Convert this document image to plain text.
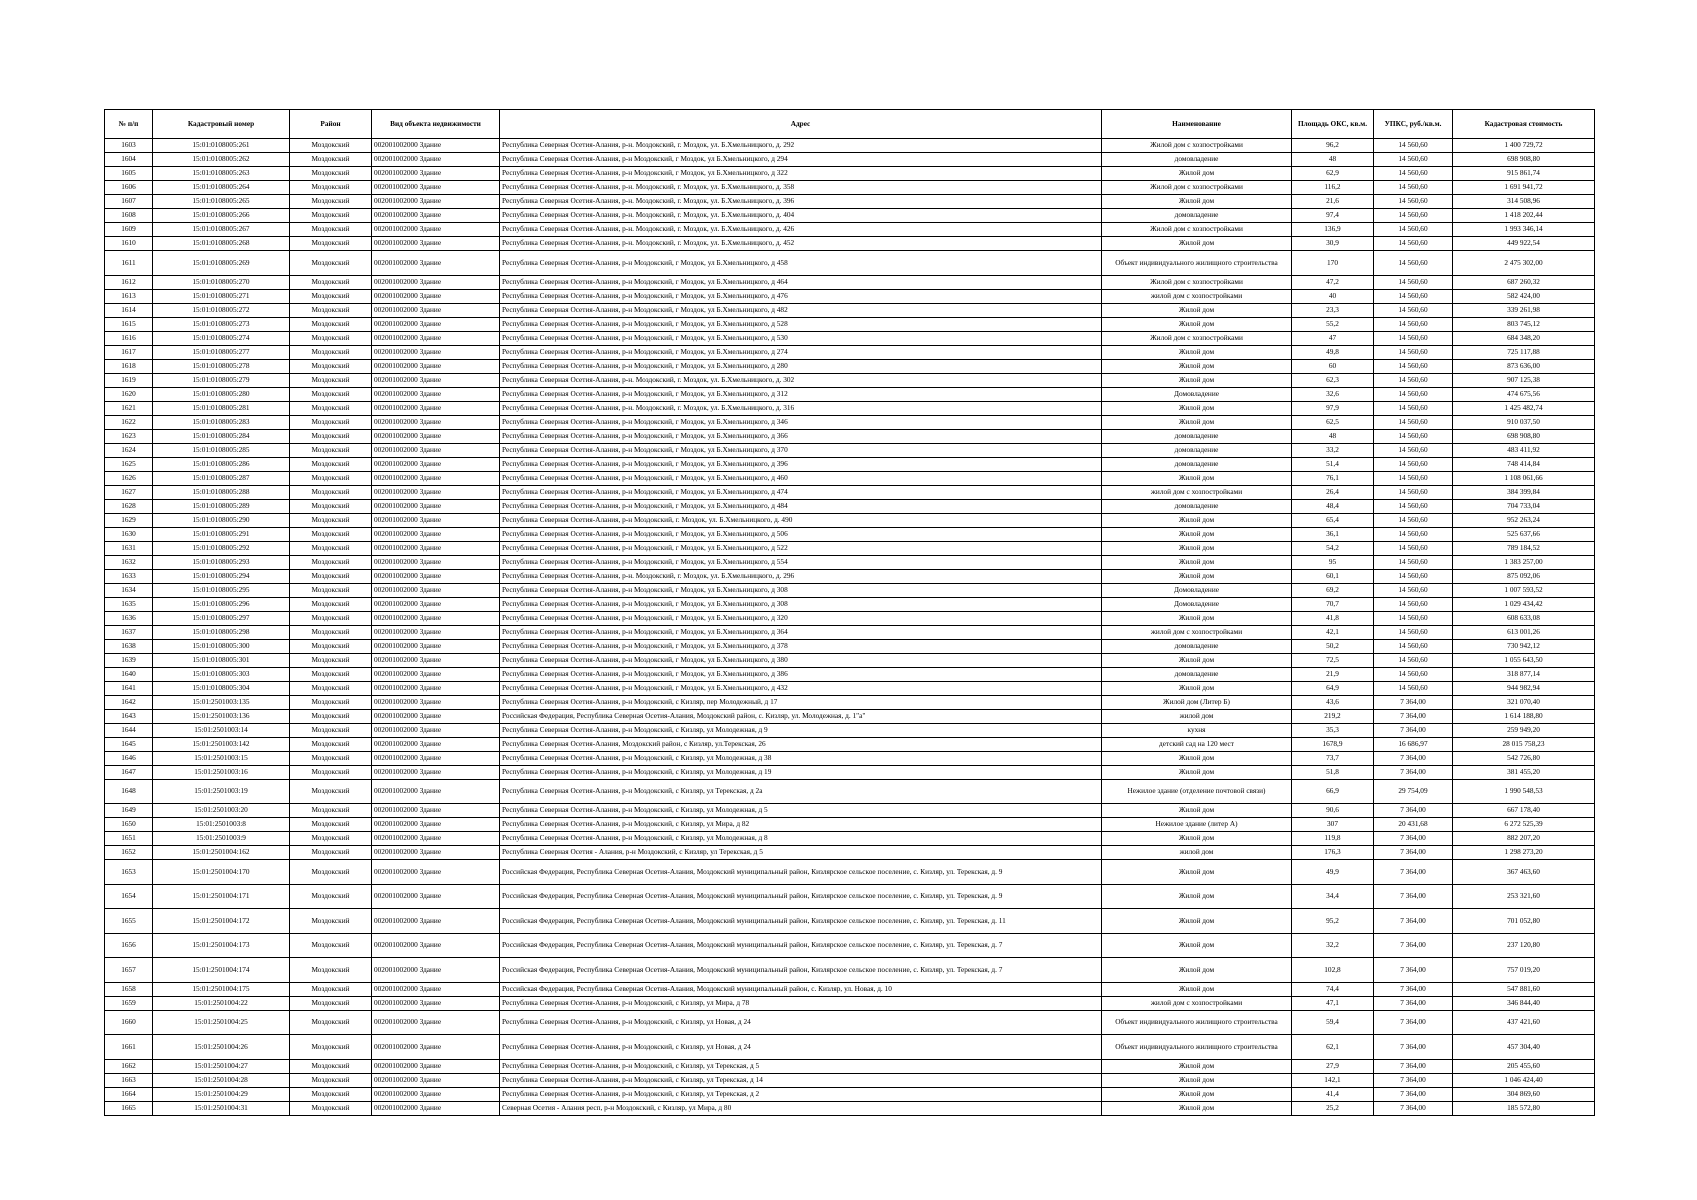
№ п/п	Кадастровый номер	Район	Вид объекта недвижимости	Адрес	Наименование	Площадь ОКС, кв.м.	УПКС, руб./кв.м.	Кадастровая стоимость
1603	15:01:0108005:261	Моздокский	002001002000 Здание	Республика Северная Осетия-Алания, р-н. Моздокский, г. Моздок, ул. Б.Хмельницкого, д. 292	Жилой дом с хозпостройками	96,2	14 560,60	1 400 729,72
1604	15:01:0108005:262	Моздокский	002001002000 Здание	Республика Северная Осетия-Алания, р-н Моздокский, г Моздок, ул Б.Хмельницкого, д 294	домовладение	48	14 560,60	698 908,80
1605	15:01:0108005:263	Моздокский	002001002000 Здание	Республика Северная Осетия-Алания, р-н Моздокский, г Моздок, ул Б.Хмельницкого, д 322	Жилой дом	62,9	14 560,60	915 861,74
1606	15:01:0108005:264	Моздокский	002001002000 Здание	Республика Северная Осетия-Алания, р-н. Моздокский, г. Моздок, ул. Б.Хмельницкого, д. 358	Жилой дом с хозпостройками	116,2	14 560,60	1 691 941,72
1607	15:01:0108005:265	Моздокский	002001002000 Здание	Республика Северная Осетия-Алания, р-н. Моздокский, г. Моздок, ул. Б.Хмельницкого, д. 396	Жилой дом	21,6	14 560,60	314 508,96
1608	15:01:0108005:266	Моздокский	002001002000 Здание	Республика Северная Осетия-Алания, р-н. Моздокский, г. Моздок, ул. Б.Хмельницкого, д. 404	домовладение	97,4	14 560,60	1 418 202,44
1609	15:01:0108005:267	Моздокский	002001002000 Здание	Республика Северная Осетия-Алания, р-н. Моздокский, г. Моздок, ул. Б.Хмельницкого, д. 426	Жилой дом с хозпостройками	136,9	14 560,60	1 993 346,14
1610	15:01:0108005:268	Моздокский	002001002000 Здание	Республика Северная Осетия-Алания, р-н. Моздокский, г. Моздок, ул. Б.Хмельницкого, д. 452	Жилой дом	30,9	14 560,60	449 922,54
1611	15:01:0108005:269	Моздокский	002001002000 Здание	Республика Северная Осетия-Алания, р-н Моздокский, г Моздок, ул Б.Хмельницкого, д 458	Объект индивидуального жилищного строительства	170	14 560,60	2 475 302,00
1612	15:01:0108005:270	Моздокский	002001002000 Здание	Республика Северная Осетия-Алания, р-н Моздокский, г Моздок, ул Б.Хмельницкого, д 464	Жилой дом с хозпостройками	47,2	14 560,60	687 260,32
1613	15:01:0108005:271	Моздокский	002001002000 Здание	Республика Северная Осетия-Алания, р-н Моздокский, г Моздок, ул Б.Хмельницкого, д 476	жилой дом с хозпостройками	40	14 560,60	582 424,00
1614	15:01:0108005:272	Моздокский	002001002000 Здание	Республика Северная Осетия-Алания, р-н Моздокский, г Моздок, ул Б.Хмельницкого, д 482	Жилой дом	23,3	14 560,60	339 261,98
1615	15:01:0108005:273	Моздокский	002001002000 Здание	Республика Северная Осетия-Алания, р-н Моздокский, г Моздок, ул Б.Хмельницкого, д 528	Жилой дом	55,2	14 560,60	803 745,12
1616	15:01:0108005:274	Моздокский	002001002000 Здание	Республика Северная Осетия-Алания, р-н Моздокский, г Моздок, ул Б.Хмельницкого, д 530	Жилой дом с хозпостройками	47	14 560,60	684 348,20
1617	15:01:0108005:277	Моздокский	002001002000 Здание	Республика Северная Осетия-Алания, р-н Моздокский, г Моздок, ул Б.Хмельницкого, д 274	Жилой дом	49,8	14 560,60	725 117,88
1618	15:01:0108005:278	Моздокский	002001002000 Здание	Республика Северная Осетия-Алания, р-н Моздокский, г Моздок, ул Б.Хмельницкого, д 280	Жилой дом	60	14 560,60	873 636,00
1619	15:01:0108005:279	Моздокский	002001002000 Здание	Республика Северная Осетия-Алания, р-н. Моздокский, г. Моздок, ул. Б.Хмельницкого, д. 302	Жилой дом	62,3	14 560,60	907 125,38
1620	15:01:0108005:280	Моздокский	002001002000 Здание	Республика Северная Осетия-Алания, р-н Моздокский, г Моздок, ул Б.Хмельницкого, д 312	Домовладение	32,6	14 560,60	474 675,56
1621	15:01:0108005:281	Моздокский	002001002000 Здание	Республика Северная Осетия-Алания, р-н. Моздокский, г. Моздок, ул. Б.Хмельницкого, д. 316	Жилой дом	97,9	14 560,60	1 425 482,74
1622	15:01:0108005:283	Моздокский	002001002000 Здание	Республика Северная Осетия-Алания, р-н Моздокский, г Моздок, ул Б.Хмельницкого, д 346	Жилой дом	62,5	14 560,60	910 037,50
1623	15:01:0108005:284	Моздокский	002001002000 Здание	Республика Северная Осетия-Алания, р-н Моздокский, г Моздок, ул Б.Хмельницкого, д 366	домовладение	48	14 560,60	698 908,80
1624	15:01:0108005:285	Моздокский	002001002000 Здание	Республика Северная Осетия-Алания, р-н Моздокский, г Моздок, ул Б.Хмельницкого, д 370	домовладение	33,2	14 560,60	483 411,92
1625	15:01:0108005:286	Моздокский	002001002000 Здание	Республика Северная Осетия-Алания, р-н Моздокский, г Моздок, ул Б.Хмельницкого, д 396	домовладение	51,4	14 560,60	748 414,84
1626	15:01:0108005:287	Моздокский	002001002000 Здание	Республика Северная Осетия-Алания, р-н Моздокский, г Моздок, ул Б.Хмельницкого, д 460	Жилой дом	76,1	14 560,60	1 108 061,66
1627	15:01:0108005:288	Моздокский	002001002000 Здание	Республика Северная Осетия-Алания, р-н Моздокский, г Моздок, ул Б.Хмельницкого, д 474	жилой дом с хозпостройками	26,4	14 560,60	384 399,84
1628	15:01:0108005:289	Моздокский	002001002000 Здание	Республика Северная Осетия-Алания, р-н Моздокский, г Моздок, ул Б.Хмельницкого, д 484	домовладение	48,4	14 560,60	704 733,04
1629	15:01:0108005:290	Моздокский	002001002000 Здание	Республика Северная Осетия-Алания, р-н Моздокский, г. Моздок, ул. Б.Хмельницкого, д. 490	Жилой дом	65,4	14 560,60	952 263,24
1630	15:01:0108005:291	Моздокский	002001002000 Здание	Республика Северная Осетия-Алания, р-н Моздокский, г Моздок, ул Б.Хмельницкого, д 506	Жилой дом	36,1	14 560,60	525 637,66
1631	15:01:0108005:292	Моздокский	002001002000 Здание	Республика Северная Осетия-Алания, р-н Моздокский, г Моздок, ул Б.Хмельницкого, д 522	Жилой дом	54,2	14 560,60	789 184,52
1632	15:01:0108005:293	Моздокский	002001002000 Здание	Республика Северная Осетия-Алания, р-н Моздокский, г Моздок, ул Б.Хмельницкого, д 554	Жилой дом	95	14 560,60	1 383 257,00
1633	15:01:0108005:294	Моздокский	002001002000 Здание	Республика Северная Осетия-Алания, р-н. Моздокский, г. Моздок, ул. Б.Хмельницкого, д. 296	Жилой дом	60,1	14 560,60	875 092,06
1634	15:01:0108005:295	Моздокский	002001002000 Здание	Республика Северная Осетия-Алания, р-н Моздокский, г Моздок, ул Б.Хмельницкого, д 308	Домовладение	69,2	14 560,60	1 007 593,52
1635	15:01:0108005:296	Моздокский	002001002000 Здание	Республика Северная Осетия-Алания, р-н Моздокский, г Моздок, ул Б.Хмельницкого, д 308	Домовладение	70,7	14 560,60	1 029 434,42
1636	15:01:0108005:297	Моздокский	002001002000 Здание	Республика Северная Осетия-Алания, р-н Моздокский, г Моздок, ул Б.Хмельницкого, д 320	Жилой дом	41,8	14 560,60	608 633,08
1637	15:01:0108005:298	Моздокский	002001002000 Здание	Республика Северная Осетия-Алания, р-н Моздокский, г Моздок, ул Б.Хмельницкого, д 364	жилой дом с хозпостройками	42,1	14 560,60	613 001,26
1638	15:01:0108005:300	Моздокский	002001002000 Здание	Республика Северная Осетия-Алания, р-н Моздокский, г Моздок, ул Б.Хмельницкого, д 378	домовладение	50,2	14 560,60	730 942,12
1639	15:01:0108005:301	Моздокский	002001002000 Здание	Республика Северная Осетия-Алания, р-н Моздокский, г Моздок, ул Б.Хмельницкого, д 380	Жилой дом	72,5	14 560,60	1 055 643,50
1640	15:01:0108005:303	Моздокский	002001002000 Здание	Республика Северная Осетия-Алания, р-н Моздокский, г Моздок, ул Б.Хмельницкого, д 386	домовладение	21,9	14 560,60	318 877,14
1641	15:01:0108005:304	Моздокский	002001002000 Здание	Республика Северная Осетия-Алания, р-н Моздокский, г Моздок, ул Б.Хмельницкого, д 432	Жилой дом	64,9	14 560,60	944 982,94
1642	15:01:2501003:135	Моздокский	002001002000 Здание	Республика Северная Осетия-Алания, р-н Моздокский, с Кизляр, пер Молодежный, д 17	Жилой дом (Литер Б)	43,6	7 364,00	321 070,40
1643	15:01:2501003:136	Моздокский	002001002000 Здание	Российская Федерация, Республика Северная Осетия-Алания, Моздокский район, с. Кизляр, ул. Молодежная, д. 1"а"	жилой дом	219,2	7 364,00	1 614 188,80
1644	15:01:2501003:14	Моздокский	002001002000 Здание	Республика Северная Осетия-Алания, р-н Моздокский, с Кизляр, ул Молодежная, д 9	кухня	35,3	7 364,00	259 949,20
1645	15:01:2501003:142	Моздокский	002001002000 Здание	Республика Северная Осетия-Алания, Моздокский район, с Кизляр, ул.Терекская, 26	детский сад на 120 мест	1678,9	16 686,97	28 015 758,23
1646	15:01:2501003:15	Моздокский	002001002000 Здание	Республика Северная Осетия-Алания, р-н Моздокский, с Кизляр, ул Молодежная, д 38	Жилой дом	73,7	7 364,00	542 726,80
1647	15:01:2501003:16	Моздокский	002001002000 Здание	Республика Северная Осетия-Алания, р-н Моздокский, с Кизляр, ул Молодежная, д 19	Жилой дом	51,8	7 364,00	381 455,20
1648	15:01:2501003:19	Моздокский	002001002000 Здание	Республика Северная Осетия-Алания, р-н Моздокский, с Кизляр, ул Терекская, д 2а	Нежилое здание (отделение почтовой связи)	66,9	29 754,09	1 990 548,53
1649	15:01:2501003:20	Моздокский	002001002000 Здание	Республика Северная Осетия-Алания, р-н Моздокский, с Кизляр, ул Молодежная, д 5	Жилой дом	90,6	7 364,00	667 178,40
1650	15:01:2501003:8	Моздокский	002001002000 Здание	Республика Северная Осетия-Алания, р-н Моздокский, с Кизляр, ул Мира, д 82	Нежилое здание (литер А)	307	20 431,68	6 272 525,39
1651	15:01:2501003:9	Моздокский	002001002000 Здание	Республика Северная Осетия-Алания, р-н Моздокский, с Кизляр, ул Молодежная, д 8	Жилой дом	119,8	7 364,00	882 207,20
1652	15:01:2501004:162	Моздокский	002001002000 Здание	Республика Северная Осетия - Алания, р-н Моздокский, с Кизляр, ул Терекская, д 5	жилой дом	176,3	7 364,00	1 298 273,20
1653	15:01:2501004:170	Моздокский	002001002000 Здание	Российская Федерация, Республика Северная Осетия-Алания, Моздокский муниципальный район, Кизлярское сельское поселение, с. Кизляр, ул. Терекская, д. 9	Жилой дом	49,9	7 364,00	367 463,60
1654	15:01:2501004:171	Моздокский	002001002000 Здание	Российская Федерация, Республика Северная Осетия-Алания, Моздокский муниципальный район, Кизлярское сельское поселение, с. Кизляр, ул. Терекская, д. 9	Жилой дом	34,4	7 364,00	253 321,60
1655	15:01:2501004:172	Моздокский	002001002000 Здание	Российская Федерация, Республика Северная Осетия-Алания, Моздокский муниципальный район, Кизлярское сельское поселение, с. Кизляр, ул. Терекская, д. 11	Жилой дом	95,2	7 364,00	701 052,80
1656	15:01:2501004:173	Моздокский	002001002000 Здание	Российская Федерация, Республика Северная Осетия-Алания, Моздокский муниципальный район, Кизлярское сельское поселение, с. Кизляр, ул. Терекская, д. 7	Жилой дом	32,2	7 364,00	237 120,80
1657	15:01:2501004:174	Моздокский	002001002000 Здание	Российская Федерация, Республика Северная Осетия-Алания, Моздокский муниципальный район, Кизлярское сельское поселение, с. Кизляр, ул. Терекская, д. 7	Жилой дом	102,8	7 364,00	757 019,20
1658	15:01:2501004:175	Моздокский	002001002000 Здание	Российская Федерация, Республика Северная Осетия-Алания, Моздокский муниципальный район, с. Кизляр, ул. Новая, д. 10	Жилой дом	74,4	7 364,00	547 881,60
1659	15:01:2501004:22	Моздокский	002001002000 Здание	Республика Северная Осетия-Алания, р-н Моздокский, с Кизляр, ул Мира, д 78	жилой дом с хозпостройками	47,1	7 364,00	346 844,40
1660	15:01:2501004:25	Моздокский	002001002000 Здание	Республика Северная Осетия-Алания, р-н Моздокский, с Кизляр, ул Новая, д 24	Объект индивидуального жилищного строительства	59,4	7 364,00	437 421,60
1661	15:01:2501004:26	Моздокский	002001002000 Здание	Республика Северная Осетия-Алания, р-н Моздокский, с Кизляр, ул Новая, д 24	Объект индивидуального жилищного строительства	62,1	7 364,00	457 304,40
1662	15:01:2501004:27	Моздокский	002001002000 Здание	Республика Северная Осетия-Алания, р-н Моздокский, с Кизляр, ул Терекская, д 5	Жилой дом	27,9	7 364,00	205 455,60
1663	15:01:2501004:28	Моздокский	002001002000 Здание	Республика Северная Осетия-Алания, р-н Моздокский, с Кизляр, ул Терекская, д 14	Жилой дом	142,1	7 364,00	1 046 424,40
1664	15:01:2501004:29	Моздокский	002001002000 Здание	Республика Северная Осетия-Алания, р-н Моздокский, с Кизляр, ул Терекская, д 2	Жилой дом	41,4	7 364,00	304 869,60
1665	15:01:2501004:31	Моздокский	002001002000 Здание	Северная Осетия - Алания респ, р-н Моздокский, с Кизляр, ул Мира, д 80	Жилой дом	25,2	7 364,00	185 572,80
